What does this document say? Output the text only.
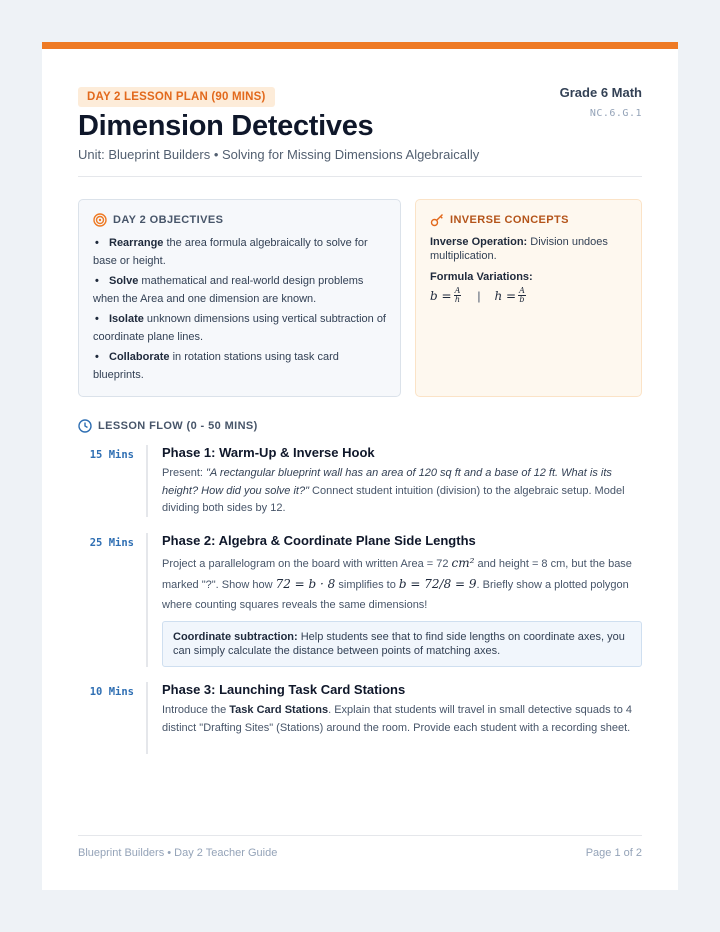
DAY 2 LESSON PLAN (90 MINS)
Dimension Detectives
Unit: Blueprint Builders • Solving for Missing Dimensions Algebraically
Grade 6 Math
NC.6.G.1
DAY 2 OBJECTIVES
• Rearrange the area formula algebraically to solve for base or height.
• Solve mathematical and real-world design problems when the Area and one dimension are known.
• Isolate unknown dimensions using vertical subtraction of coordinate plane lines.
• Collaborate in rotation stations using task card blueprints.
INVERSE CONCEPTS
Inverse Operation: Division undoes multiplication.
Formula Variations:
$b = \frac{A}{h}$ | $h = \frac{A}{b}$
LESSON FLOW (0 - 50 MINS)
15 Mins Phase 1: Warm-Up & Inverse Hook
Present: "A rectangular blueprint wall has an area of 120 sq ft and a base of 12 ft. What is its height? How did you solve it?" Connect student intuition (division) to the algebraic setup. Model dividing both sides by 12.
25 Mins Phase 2: Algebra & Coordinate Plane Side Lengths
Project a parallelogram on the board with written Area = 72 cm² and height = 8 cm, but the base marked "?". Show how 72 = b · 8 simplifies to b = 72/8 = 9. Briefly show a plotted polygon where counting squares reveals the same dimensions!
Coordinate subtraction: Help students see that to find side lengths on coordinate axes, you can simply calculate the distance between points of matching axes.
10 Mins Phase 3: Launching Task Card Stations
Introduce the Task Card Stations. Explain that students will travel in small detective squads to 4 distinct "Drafting Sites" (Stations) around the room. Provide each student with a recording sheet.
Blueprint Builders • Day 2 Teacher Guide	Page 1 of 2
